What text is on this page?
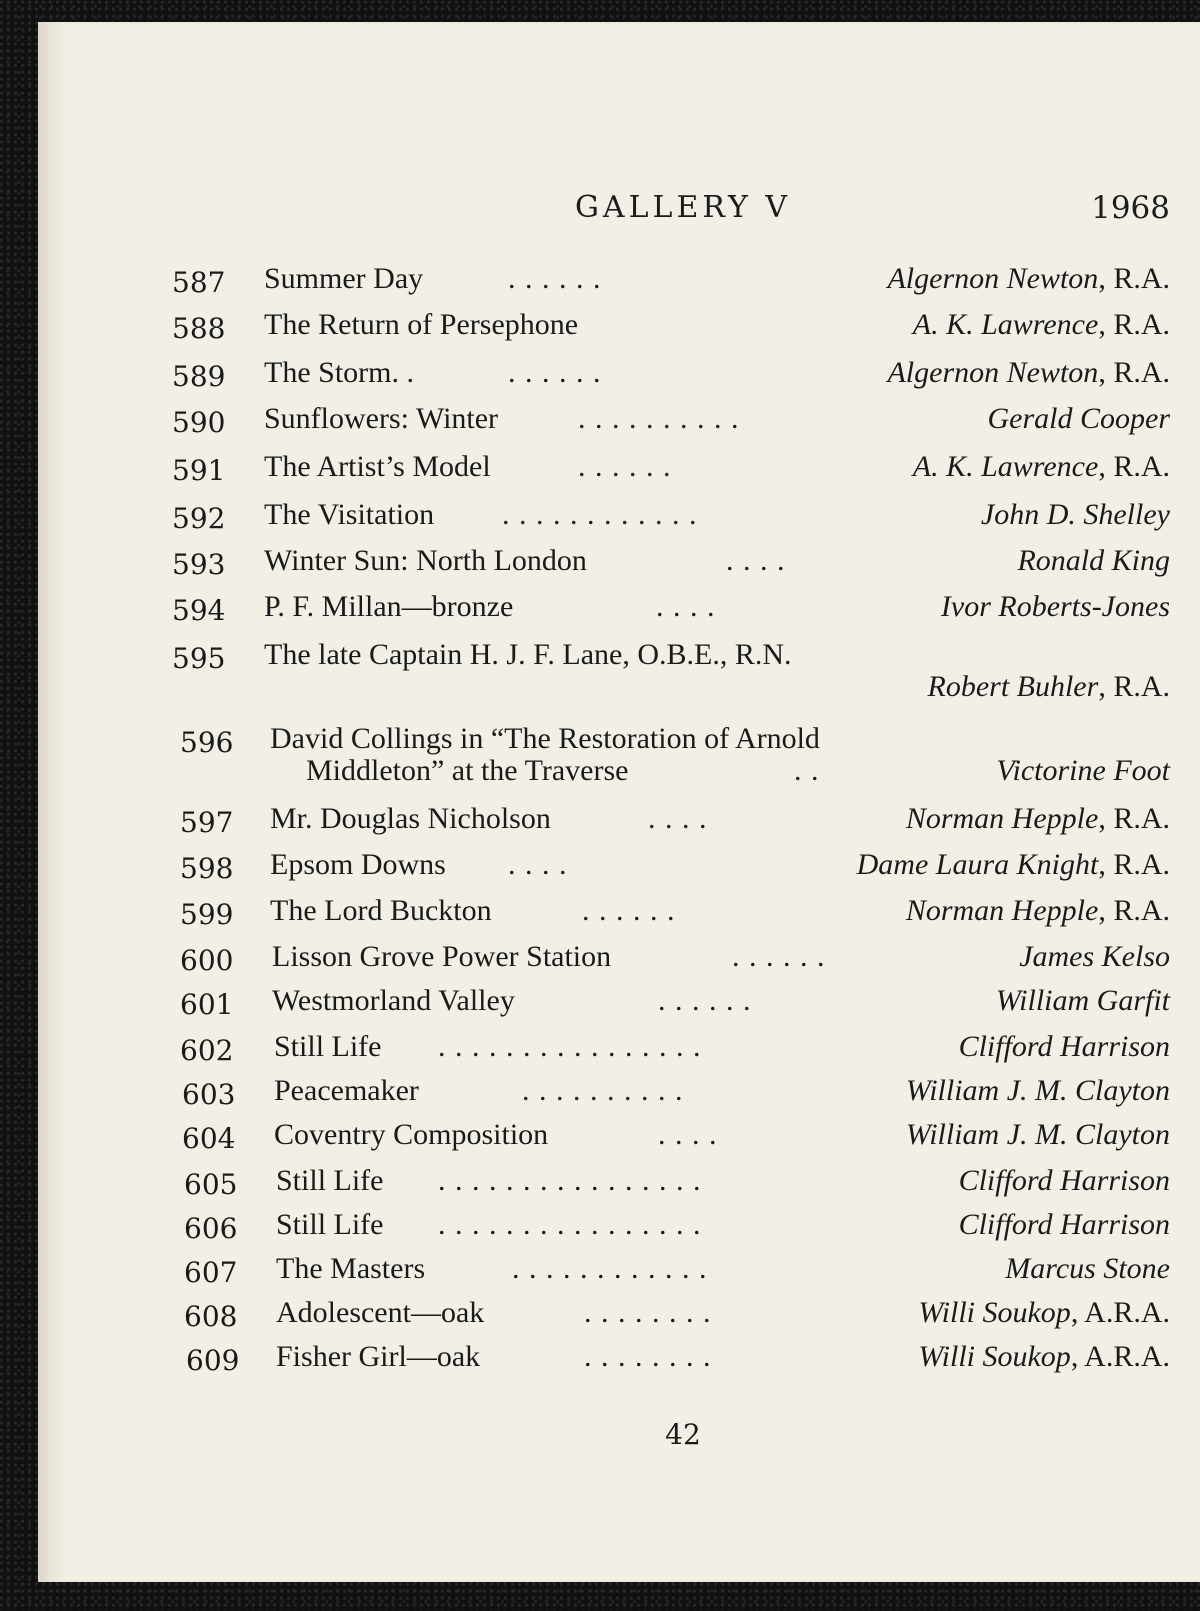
GALLERY V	1968
587	Summer Day	. . . . . .	Algernon Newton, R.A.
588	The Return of Persephone	A. K. Lawrence, R.A.
589	The Storm. .	. . . . . .	Algernon Newton, R.A.
590	Sunflowers: Winter	. . . . . . . . . .	Gerald Cooper
591	The Artist’s Model	. . . . . .	A. K. Lawrence, R.A.
592	The Visitation . . . . . . . . . . . .	John D. Shelley
593	Winter Sun: North London	. . . .	Ronald King
594	P. F. Millan—bronze	. . . .	Ivor Roberts-Jones
595	The late Captain H. J. F. Lane, O.B.E., R.N.
Robert Buhler, R.A.
596	David Collings in “The Restoration of Arnold
Middleton” at the Traverse	. .	Victorine Foot
597	Mr. Douglas Nicholson	. . . .	Norman Hepple, R.A.
598	Epsom Downs . . . .	Dame Laura Knight, R.A.
599	The Lord Buckton	. . . . . .	Norman Hepple, R.A.
600	Lisson Grove Power Station	. . . . . .	James Kelso
601	Westmorland Valley	. . . . . .	William Garfit
602	Still Life . . . . . . . . . . . . . . . .	Clifford Harrison
603	Peacemaker	. . . . . . . . . .	William J. M. Clayton
604	Coventry Composition	. . . .	William J. M. Clayton
605	Still Life . . . . . . . . . . . . . . . .	Clifford Harrison
606	Still Life . . . . . . . . . . . . . . . .	Clifford Harrison
607	The Masters	. . . . . . . . . . . .	Marcus Stone
608	Adolescent—oak	. . . . . . . .	Willi Soukop, A.R.A.
609	Fisher Girl—oak	. . . . . . . .	Willi Soukop, A.R.A.
42
